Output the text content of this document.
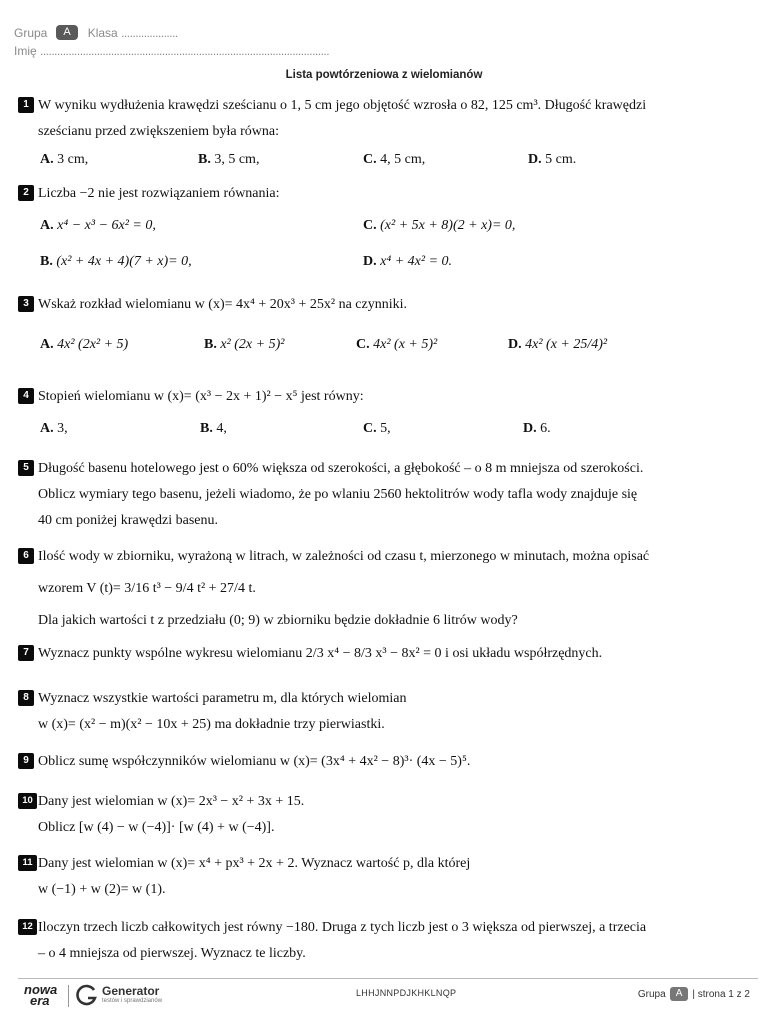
Grupa	A	Klasa
....................
Imię ......................................................................................................
Lista powtórzeniowa z wielomianów
1 W wyniku wydłużenia krawędzi sześcianu o 1, 5 cm jego objętość wzrosła o 82, 125 cm³. Długość krawędzi
sześcianu przed zwiększeniem była równa:
A. 3 cm,	B. 3, 5 cm,	C. 4, 5 cm,	D. 5 cm.
2 Liczba −2 nie jest rozwiązaniem równania:
A. x⁴ − x³ − 6x² = 0,	C. (x² + 5x + 8)(2 + x)= 0,
B. (x² + 4x + 4)(7 + x)= 0,	D. x⁴ + 4x² = 0.
3 Wskaż rozkład wielomianu w (x)= 4x⁴ + 20x³ + 25x² na czynniki.
A. 4x² (2x² + 5)	B. x² (2x + 5)²	C. 4x² (x + 5)²	D. 4x² (x + 25/4)²
4 Stopień wielomianu w (x)= (x³ − 2x + 1)² − x⁵ jest równy:
A. 3,	B. 4,	C. 5,	D. 6.
5 Długość basenu hotelowego jest o 60% większa od szerokości, a głębokość – o 8 m mniejsza od szerokości.
Oblicz wymiary tego basenu, jeżeli wiadomo, że po wlaniu 2560 hektolitrów wody tafla wody znajduje się
40 cm poniżej krawędzi basenu.
6 Ilość wody w zbiorniku, wyrażoną w litrach, w zależności od czasu t, mierzonego w minutach, można opisać
wzorem V (t)= 3/16 t³ − 9/4 t² + 27/4 t.
Dla jakich wartości t z przedziału (0; 9) w zbiorniku będzie dokładnie 6 litrów wody?
7 Wyznacz punkty wspólne wykresu wielomianu 2/3 x⁴ − 8/3 x³ − 8x² = 0 i osi układu współrzędnych.
8 Wyznacz wszystkie wartości parametru m, dla których wielomian
w (x)= (x² − m)(x² − 10x + 25) ma dokładnie trzy pierwiastki.
9 Oblicz sumę współczynników wielomianu w (x)= (3x⁴ + 4x² − 8)³· (4x − 5)⁵.
10 Dany jest wielomian w (x)= 2x³ − x² + 3x + 15.
Oblicz [w (4) − w (−4)]· [w (4) + w (−4)].
11 Dany jest wielomian w (x)= x⁴ + px³ + 2x + 2. Wyznacz wartość p, dla której
w (−1) + w (2)= w (1).
12 Iloczyn trzech liczb całkowitych jest równy −180. Druga z tych liczb jest o 3 większa od pierwszej, a trzecia
– o 4 mniejsza od pierwszej. Wyznacz te liczby.
nowa
era
Generator
testów i sprawdzianów
LHHJNNPDJKHKLNQP	Grupa	A	| strona 1 z 2
